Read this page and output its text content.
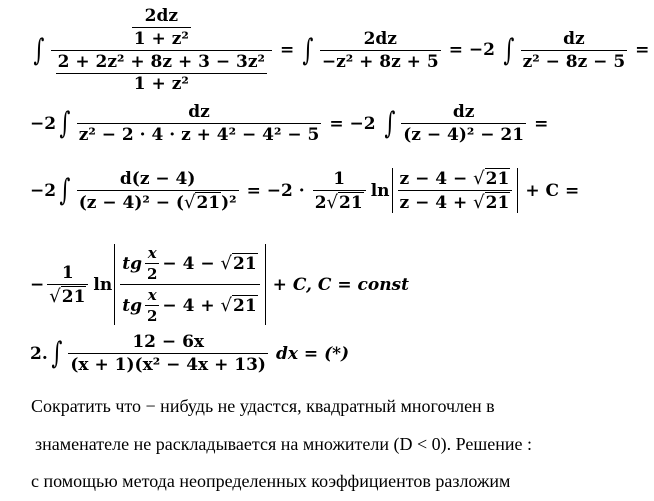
∫ $\frac{\frac{2dz}{\text{1 + z²}}}{\frac{\text{2 + 2z² + 8z + 3 − 3z²}}{\text{1 + z²}}}$ = ∫ $\frac{2dz}{\text{−z² + 8z + 5}} = -2$ ∫ $\frac{dz}{\text{z² − 8z − 5}}$ =
−2 ∫ $\frac{dz}{\text{z² − 2 · 4 · z + 4² − 4² − 5}} = -2$ ∫ $\frac{dz}{\text{(z − 4)² − 21}}$ =
−2 ∫ $\frac{d(z - 4)}{\text{(z − 4)² − ( √ 21 )²}} = -2 \cdot \frac{1}{2 √ 21}$ $\ln \frac{z - 4 - √ 21}{z - 4 + √ 21} + C$ =
− $\frac{1}{√ 21}$ ln tg $\frac{x}{2} - 4$ −
√ 21
tg $\frac{x}{2} - 4$ +
√ 21 + C, C = const
2. ∫ $\frac{12 - 6x}{\text{(x + 1)(x² − 4x + 13)}}$ dx = (*)
Сократить что − нибудь не удастся, квадратный многочлен в
знаменателе не раскладывается на множители (D < 0). Решение :
с помощью метода неопределенных коэффициентов разложим
